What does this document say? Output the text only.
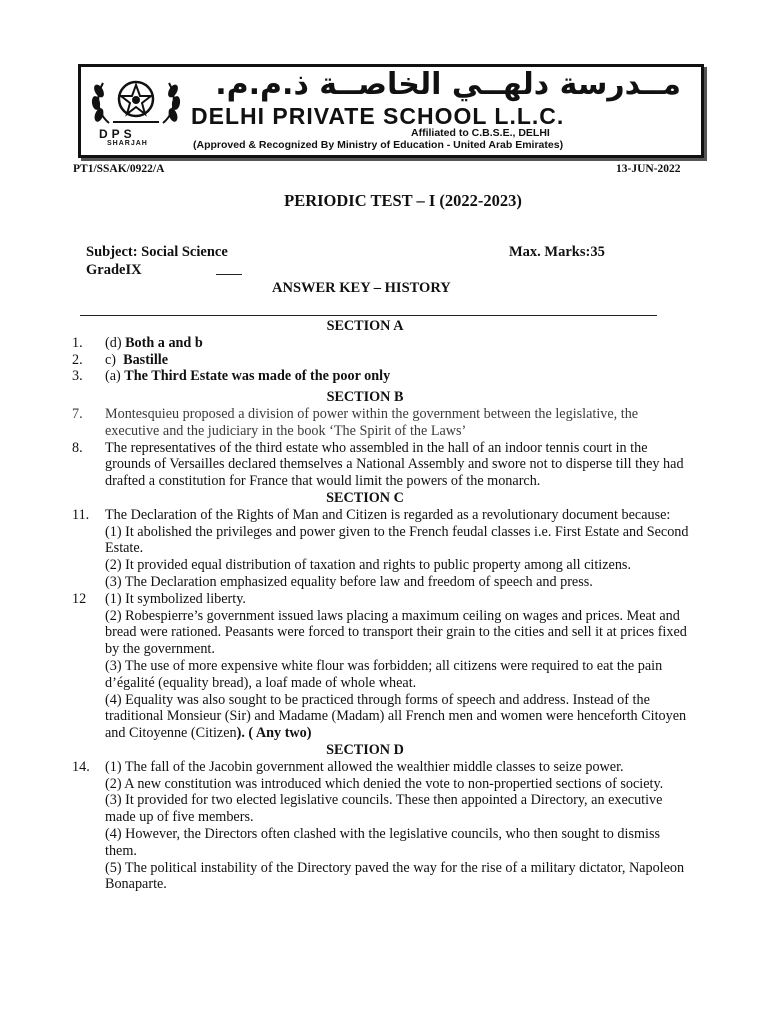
DPS
SHARJAH
مــدرسة دلهــي الخاصــة ذ.م.م.
DELHI PRIVATE SCHOOL L.L.C.
Affiliated to C.B.S.E., DELHI
(Approved & Recognized By Ministry of Education - United Arab Emirates)
PT1/SSAK/0922/A	13-JUN-2022
PERIODIC TEST – I (2022-2023)
Subject: Social Science	Max. Marks:35
GradeIX
ANSWER KEY – HISTORY
SECTION A
1.	(d) Both a and b
2.	c)  Bastille
3.	(a) The Third Estate was made of the poor only
SECTION B
7.	Montesquieu proposed a division of power within the government between the legislative, the executive and the judiciary in the book ‘The Spirit of the Laws’
8.	The representatives of the third estate who assembled in the hall of an indoor tennis court in the grounds of Versailles declared themselves a National Assembly and swore not to disperse till they had drafted a constitution for France that would limit the powers of the monarch.
SECTION C
11.	The Declaration of the Rights of Man and Citizen is regarded as a revolutionary document because:

(1) It abolished the privileges and power given to the French feudal classes i.e. First Estate and Second Estate.

(2) It provided equal distribution of taxation and rights to public property among all citizens.

(3) The Declaration emphasized equality before law and freedom of speech and press.

12	(1) It symbolized liberty.

(2) Robespierre’s government issued laws placing a maximum ceiling on wages and prices. Meat and bread were rationed. Peasants were forced to transport their grain to the cities and sell it at prices fixed by the government.

(3) The use of more expensive white flour was forbidden; all citizens were required to eat the pain d’égalité (equality bread), a loaf made of whole wheat.

(4) Equality was also sought to be practiced through forms of speech and address. Instead of the traditional Monsieur (Sir) and Madame (Madam) all French men and women were henceforth Citoyen and Citoyenne (Citizen). ( Any two)

SECTION D
14.	(1) The fall of the Jacobin government allowed the wealthier middle classes to seize power.

(2) A new constitution was introduced which denied the vote to non-propertied sections of society.

(3) It provided for two elected legislative councils. These then appointed a Directory, an executive made up of five members.

(4) However, the Directors often clashed with the legislative councils, who then sought to dismiss them.

(5) The political instability of the Directory paved the way for the rise of a military dictator, Napoleon Bonaparte.
